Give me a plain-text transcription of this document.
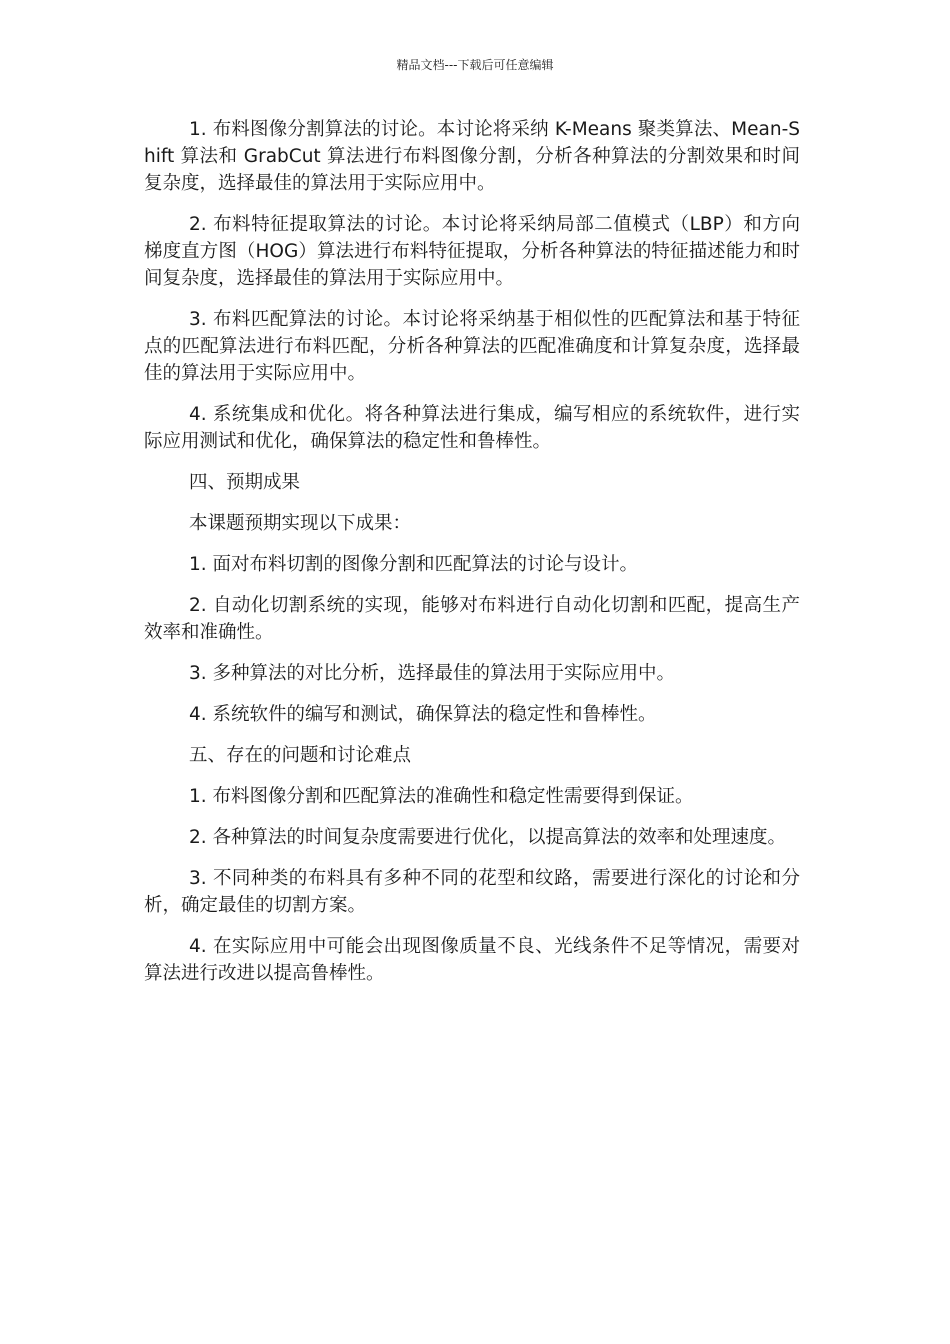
精品文档---下载后可任意编辑

1. 布料图像分割算法的讨论。本讨论将采纳 K-Means 聚类算法、Mean-Shift 算法和 GrabCut 算法进行布料图像分割，分析各种算法的分割效果和时间复杂度，选择最佳的算法用于实际应用中。

2. 布料特征提取算法的讨论。本讨论将采纳局部二值模式（LBP）和方向梯度直方图（HOG）算法进行布料特征提取，分析各种算法的特征描述能力和时间复杂度，选择最佳的算法用于实际应用中。

3. 布料匹配算法的讨论。本讨论将采纳基于相似性的匹配算法和基于特征点的匹配算法进行布料匹配，分析各种算法的匹配准确度和计算复杂度，选择最佳的算法用于实际应用中。

4. 系统集成和优化。将各种算法进行集成，编写相应的系统软件，进行实际应用测试和优化，确保算法的稳定性和鲁棒性。

四、预期成果

本课题预期实现以下成果：

1. 面对布料切割的图像分割和匹配算法的讨论与设计。

2. 自动化切割系统的实现，能够对布料进行自动化切割和匹配，提高生产效率和准确性。

3. 多种算法的对比分析，选择最佳的算法用于实际应用中。

4. 系统软件的编写和测试，确保算法的稳定性和鲁棒性。

五、存在的问题和讨论难点

1. 布料图像分割和匹配算法的准确性和稳定性需要得到保证。

2. 各种算法的时间复杂度需要进行优化，以提高算法的效率和处理速度。

3. 不同种类的布料具有多种不同的花型和纹路，需要进行深化的讨论和分析，确定最佳的切割方案。

4. 在实际应用中可能会出现图像质量不良、光线条件不足等情况，需要对算法进行改进以提高鲁棒性。
